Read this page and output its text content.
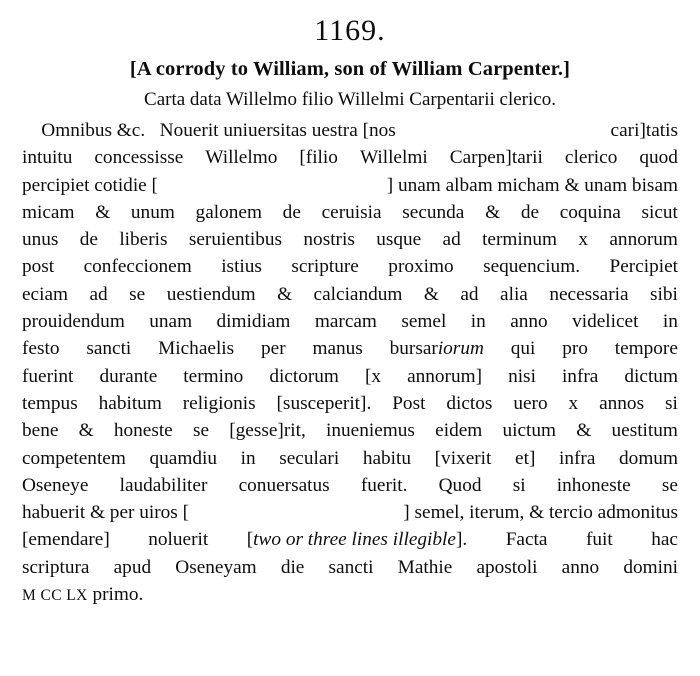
1169.
[A corrody to William, son of William Carpenter.]
Carta data Willelmo filio Willelmi Carpentarii clerico.
Omnibus &c.   Nouerit uniuersitas uestra [nos	cari]tatis
intuitu concessisse Willelmo [filio Willelmi Carpen]tarii clerico quod
percipiet cotidie [	] unam albam micham & unam bisam
micam & unum galonem de ceruisia secunda & de coquina sicut
unus de liberis seruientibus nostris usque ad terminum x annorum
post confeccionem istius scripture proximo sequencium. Percipiet
eciam ad se uestiendum & calciandum & ad alia necessaria sibi
prouidendum unam dimidiam marcam semel in anno videlicet in
festo sancti Michaelis per manus bursariorum qui pro tempore
fuerint durante termino dictorum [x annorum] nisi infra dictum
tempus habitum religionis [susceperit]. Post dictos uero x annos si
bene & honeste se [gesse]rit, inueniemus eidem uictum & uestitum
competentem quamdiu in seculari habitu [vixerit et] infra domum
Oseneye laudabiliter conuersatus fuerit. Quod si inhoneste se
habuerit & per uiros [	] semel, iterum, & tercio admonitus
[emendare] noluerit [two or three lines illegible]. Facta fuit hac
scriptura apud Oseneyam die sancti Mathie apostoli anno domini
M CC LX primo.
